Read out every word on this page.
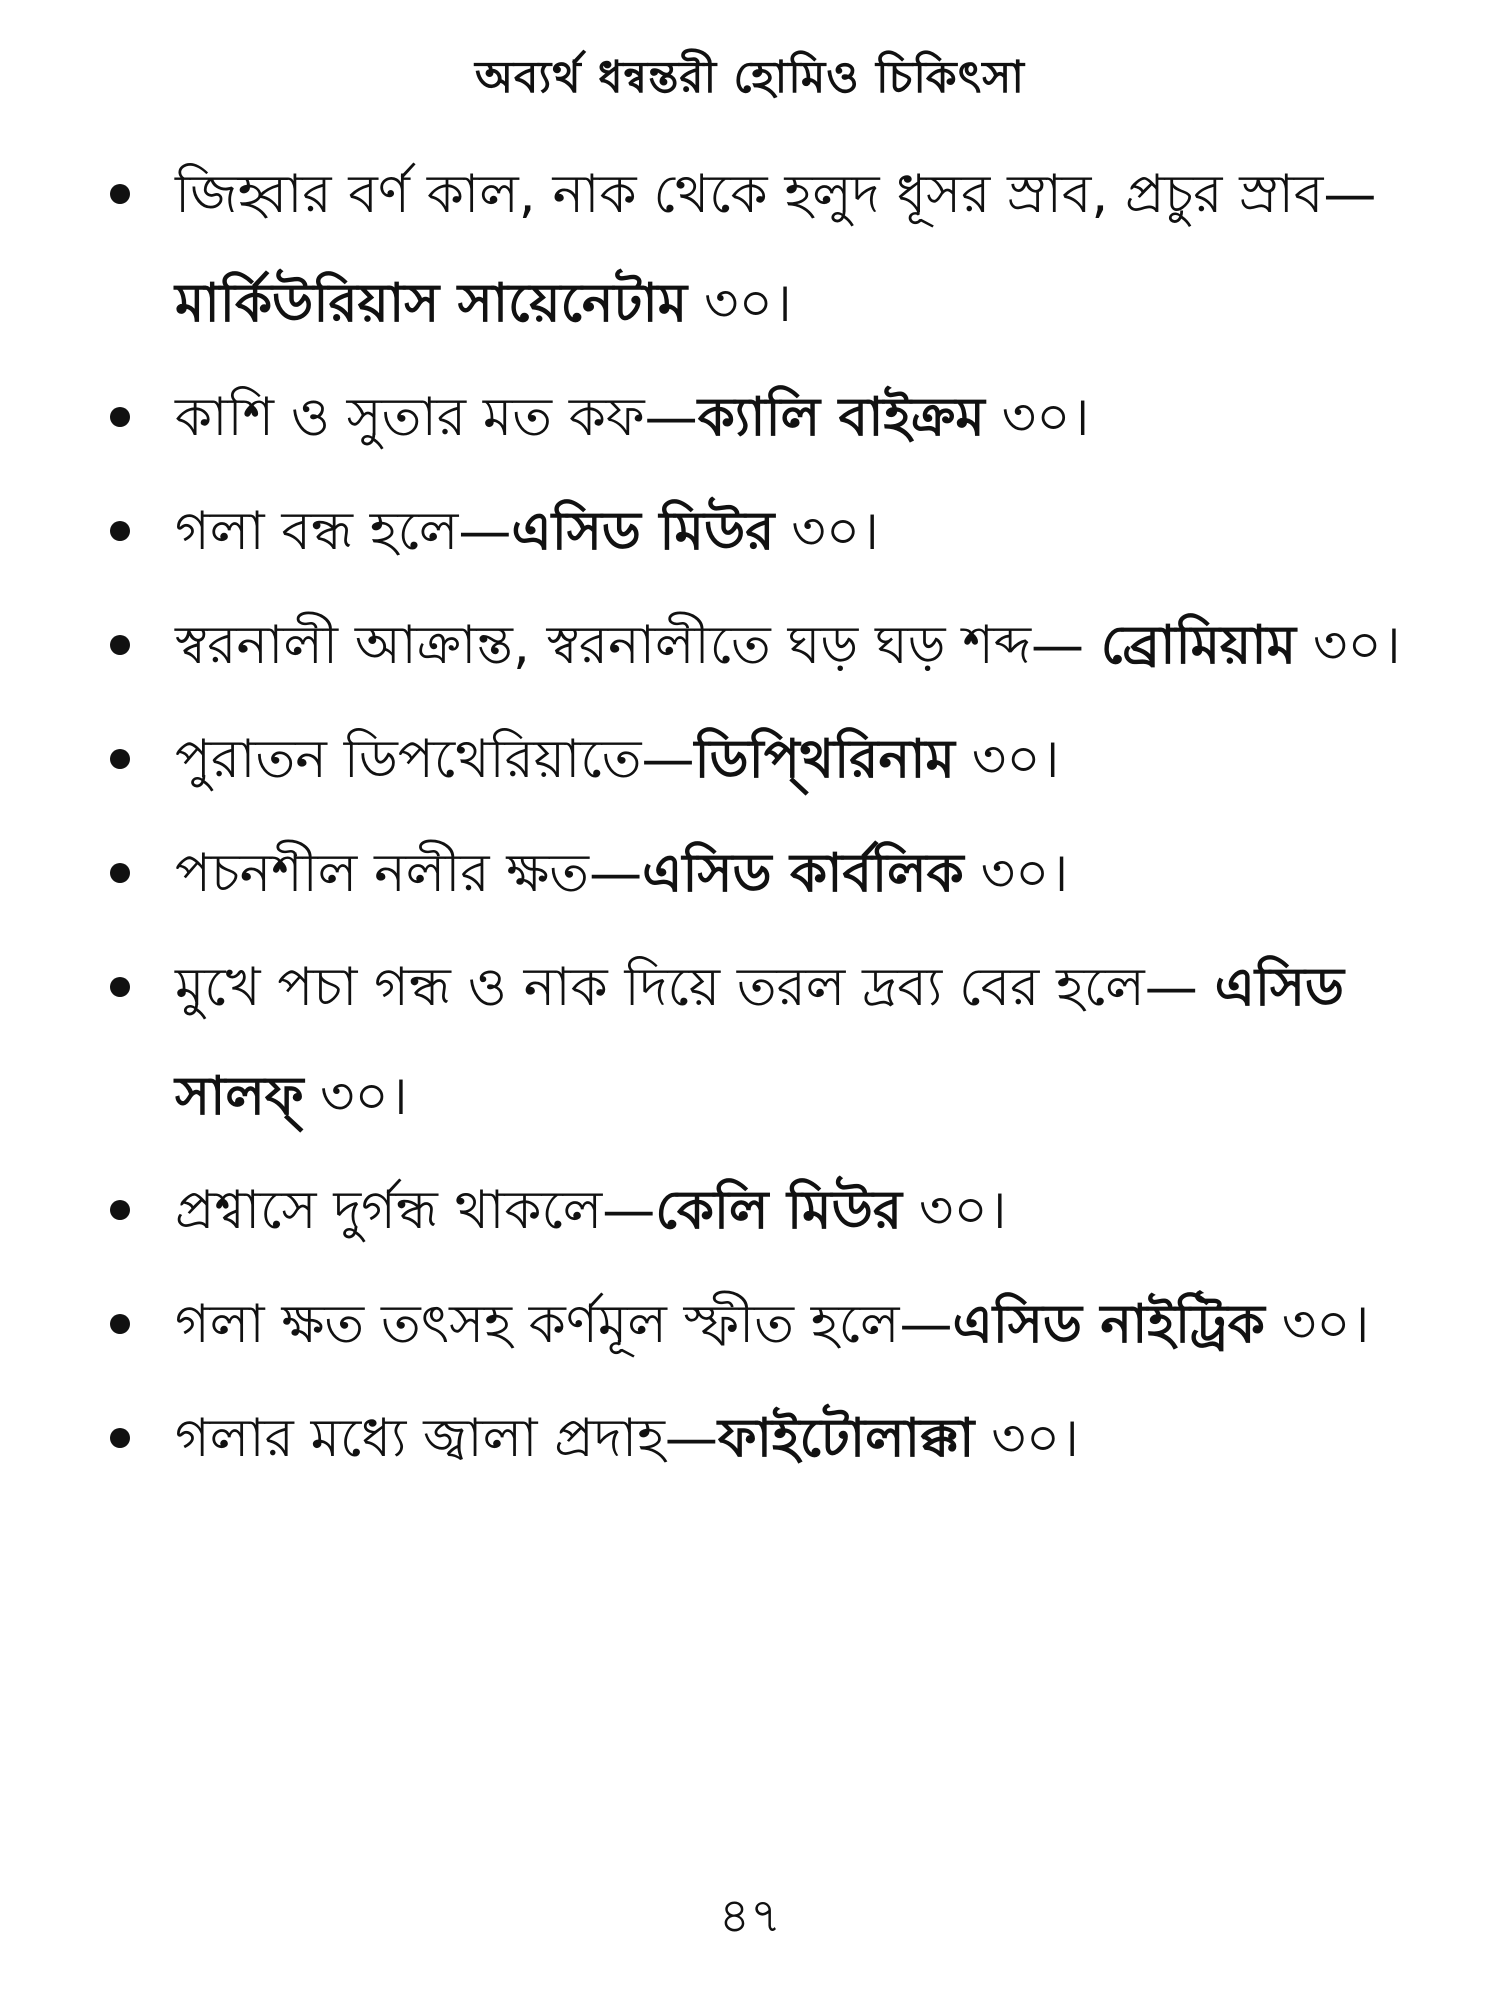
অব্যর্থ ধন্বন্তরী হোমিও চিকিৎসা
জিহ্বার বর্ণ কাল, নাক থেকে হলুদ ধূসর স্রাব, প্রচুর স্রাব—মার্কিউরিয়াস সায়েনেটাম ৩০।
কাশি ও সুতার মত কফ—ক্যালি বাইক্রম ৩০।
গলা বন্ধ হলে—এসিড মিউর ৩০।
স্বরনালী আক্রান্ত, স্বরনালীতে ঘড় ঘড় শব্দ— ব্রোমিয়াম ৩০।
পুরাতন ডিপথেরিয়াতে—ডিপ্থিরিনাম ৩০।
পচনশীল নলীর ক্ষত—এসিড কার্বলিক ৩০।
মুখে পচা গন্ধ ও নাক দিয়ে তরল দ্রব্য বের হলে— এসিড সালফ্ ৩০।
প্রশ্বাসে দুর্গন্ধ থাকলে—কেলি মিউর ৩০।
গলা ক্ষত তৎসহ কর্ণমূল স্ফীত হলে—এসিড নাইট্রিক ৩০।
গলার মধ্যে জ্বালা প্রদাহ—ফাইটোলাক্কা ৩০।
৪৭
